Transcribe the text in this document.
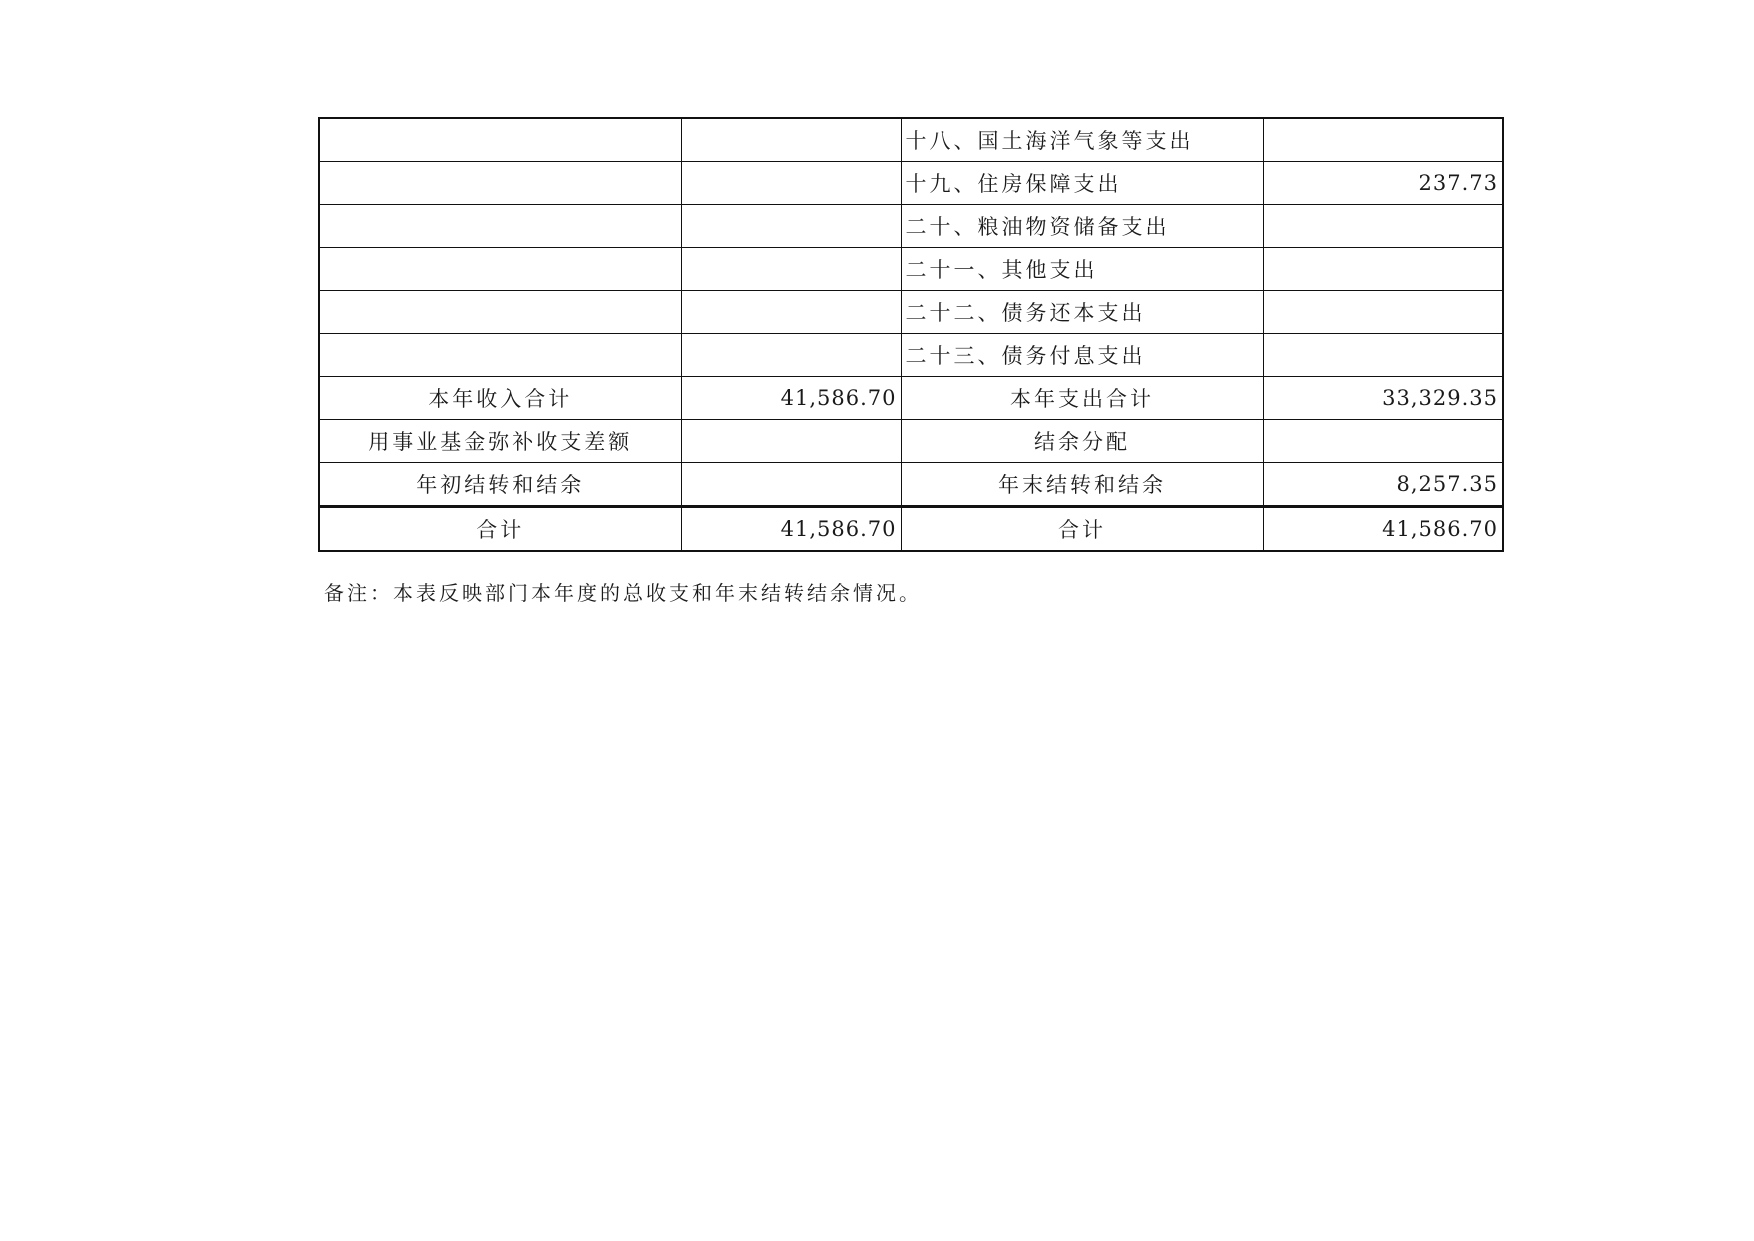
		十八、国土海洋气象等支出	
		十九、住房保障支出	237.73
		二十、粮油物资储备支出	
		二十一、其他支出	
		二十二、债务还本支出	
		二十三、债务付息支出	
本年收入合计	41,586.70	本年支出合计	33,329.35
用事业基金弥补收支差额		结余分配	
年初结转和结余		年末结转和结余	8,257.35
合计	41,586.70	合计	41,586.70
备注：本表反映部门本年度的总收支和年末结转结余情况。
